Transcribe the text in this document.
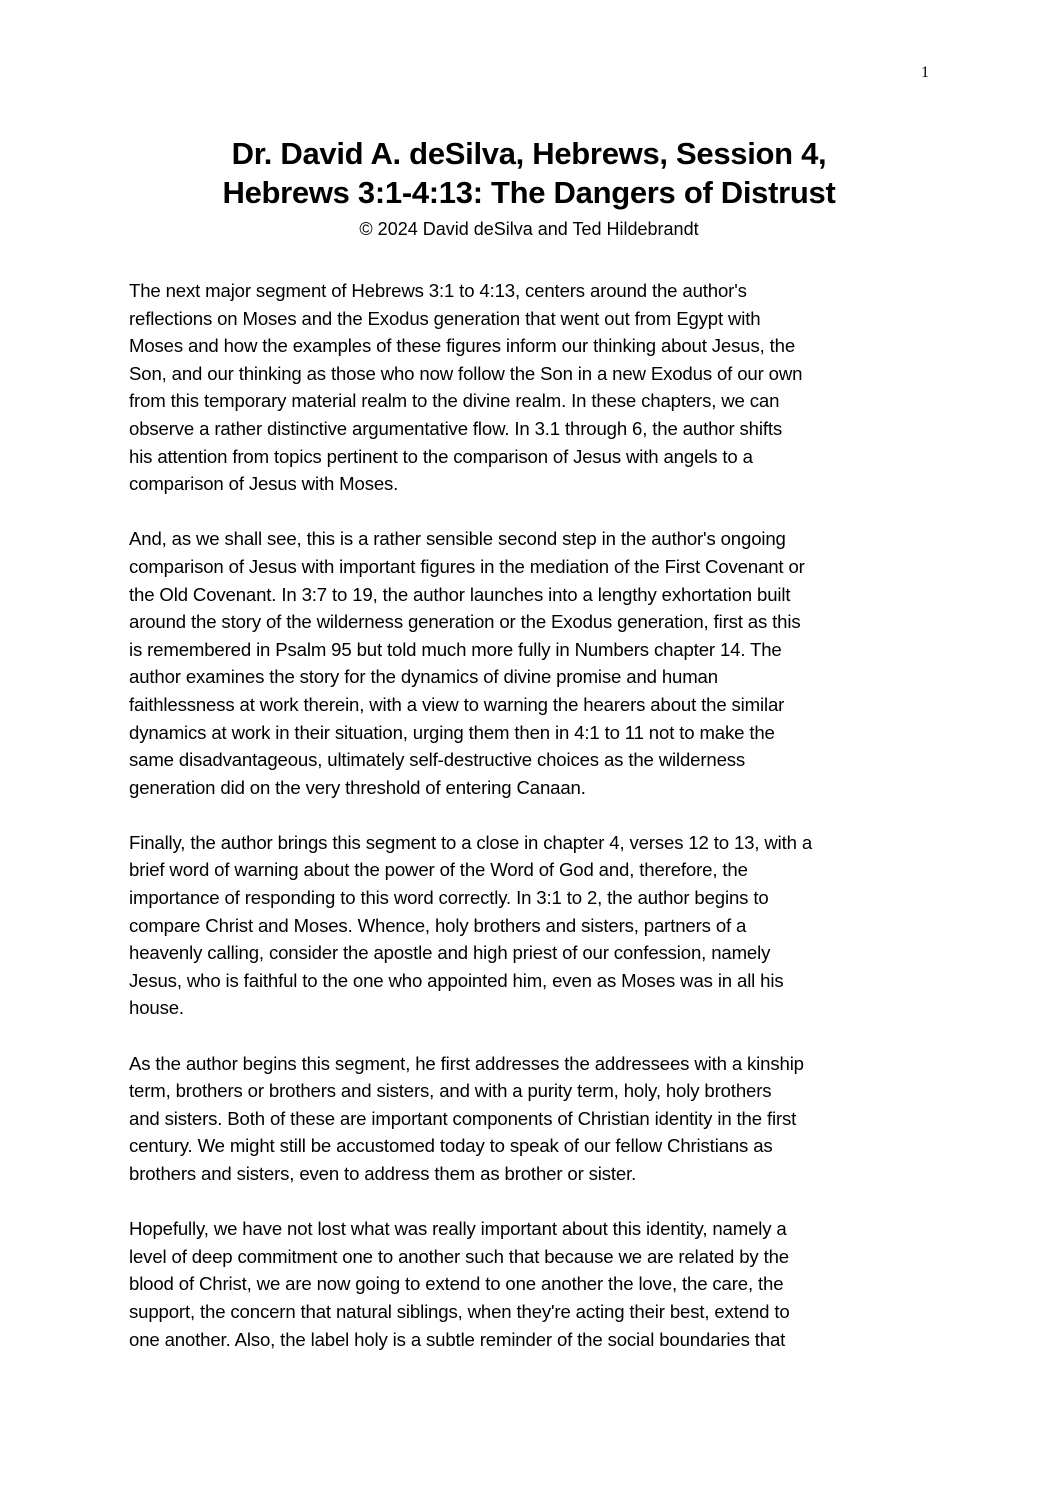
1
Dr. David A. deSilva, Hebrews, Session 4,
Hebrews 3:1-4:13: The Dangers of Distrust
© 2024 David deSilva and Ted Hildebrandt
The next major segment of Hebrews 3:1 to 4:13, centers around the author's
reflections on Moses and the Exodus generation that went out from Egypt with
Moses and how the examples of these figures inform our thinking about Jesus, the
Son, and our thinking as those who now follow the Son in a new Exodus of our own
from this temporary material realm to the divine realm. In these chapters, we can
observe a rather distinctive argumentative flow. In 3.1 through 6, the author shifts
his attention from topics pertinent to the comparison of Jesus with angels to a
comparison of Jesus with Moses.
And, as we shall see, this is a rather sensible second step in the author's ongoing
comparison of Jesus with important figures in the mediation of the First Covenant or
the Old Covenant. In 3:7 to 19, the author launches into a lengthy exhortation built
around the story of the wilderness generation or the Exodus generation, first as this
is remembered in Psalm 95 but told much more fully in Numbers chapter 14. The
author examines the story for the dynamics of divine promise and human
faithlessness at work therein, with a view to warning the hearers about the similar
dynamics at work in their situation, urging them then in 4:1 to 11 not to make the
same disadvantageous, ultimately self-destructive choices as the wilderness
generation did on the very threshold of entering Canaan.
Finally, the author brings this segment to a close in chapter 4, verses 12 to 13, with a
brief word of warning about the power of the Word of God and, therefore, the
importance of responding to this word correctly. In 3:1 to 2, the author begins to
compare Christ and Moses. Whence, holy brothers and sisters, partners of a
heavenly calling, consider the apostle and high priest of our confession, namely
Jesus, who is faithful to the one who appointed him, even as Moses was in all his
house.
As the author begins this segment, he first addresses the addressees with a kinship
term, brothers or brothers and sisters, and with a purity term, holy, holy brothers
and sisters. Both of these are important components of Christian identity in the first
century. We might still be accustomed today to speak of our fellow Christians as
brothers and sisters, even to address them as brother or sister.
Hopefully, we have not lost what was really important about this identity, namely a
level of deep commitment one to another such that because we are related by the
blood of Christ, we are now going to extend to one another the love, the care, the
support, the concern that natural siblings, when they're acting their best, extend to
one another. Also, the label holy is a subtle reminder of the social boundaries that
